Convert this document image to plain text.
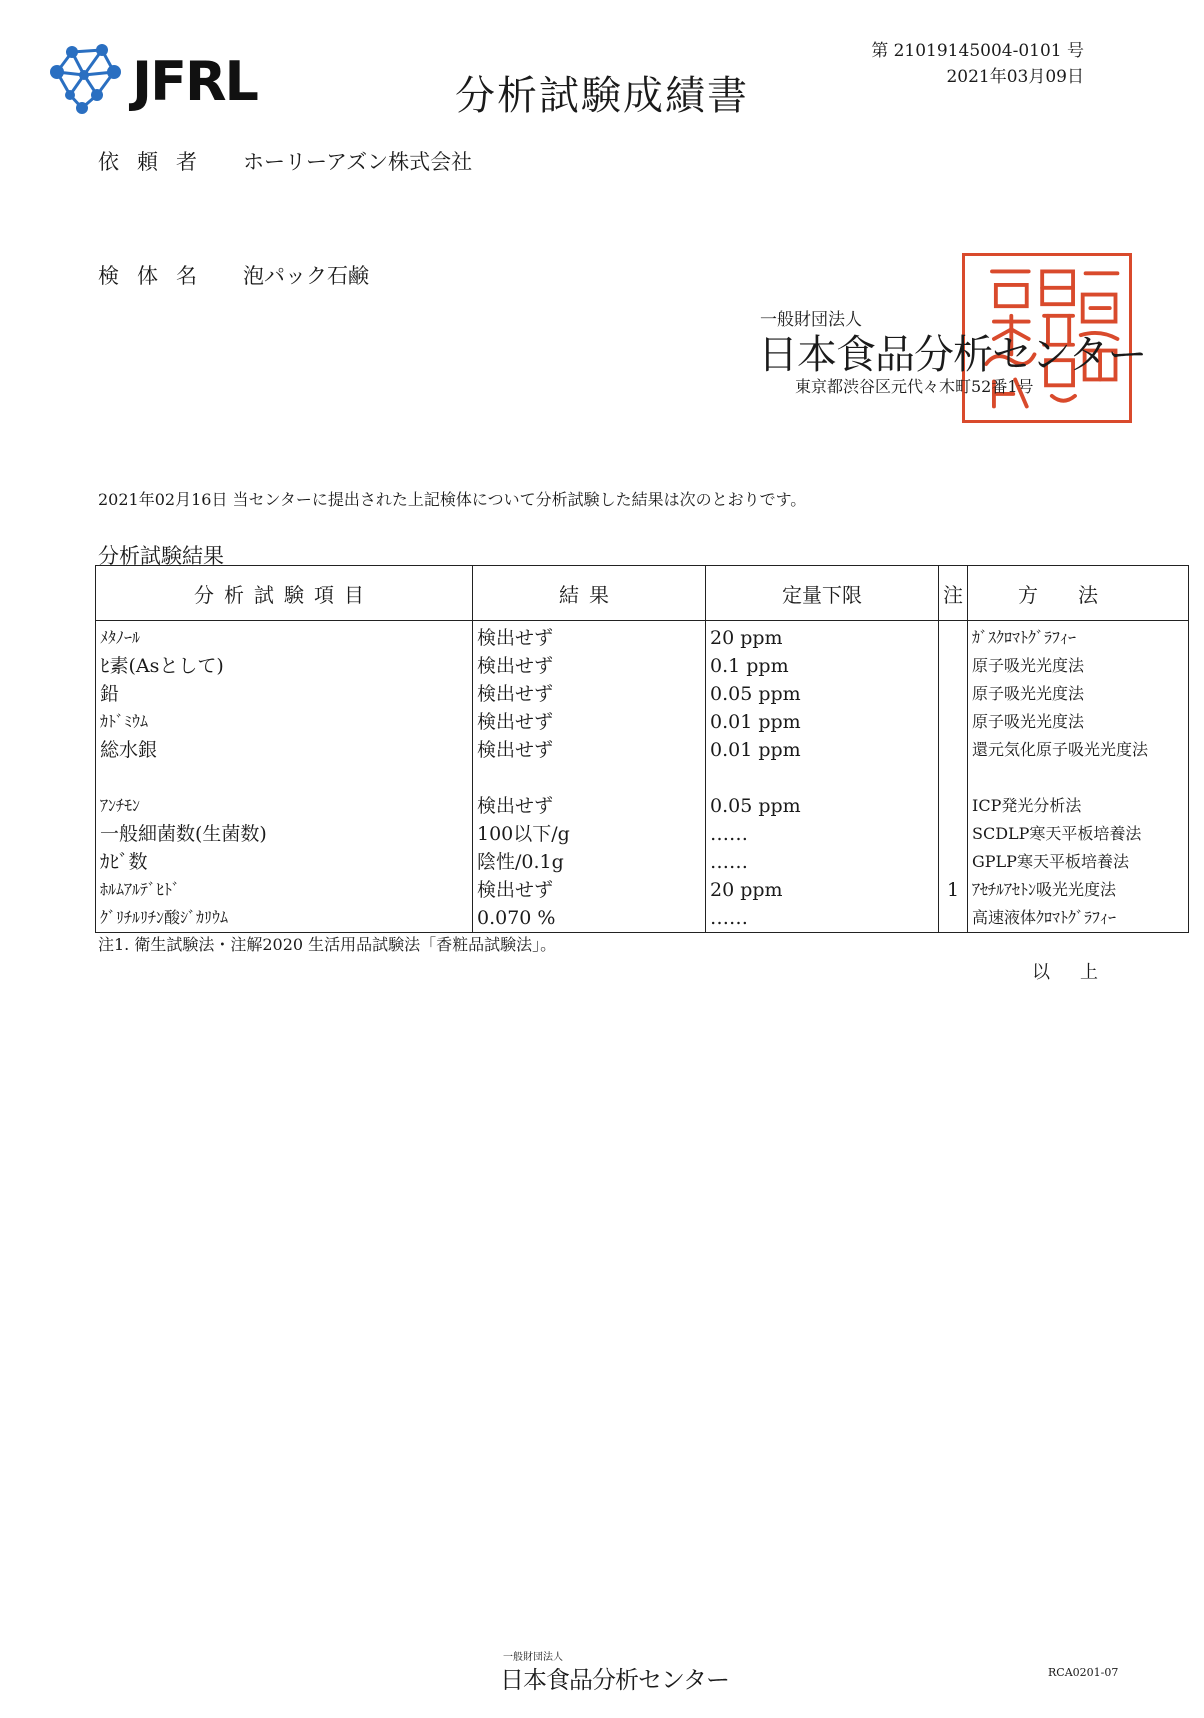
JFRL	分析試験成績書
第 21019145004-0101 号
2021年03月09日
依頼者 ホーリーアズン株式会社
検体名 泡パック石鹸
一般財団法人
日本食品分析センター
東京都渋谷区元代々木町52番1号
2021年02月16日 当センターに提出された上記検体について分析試験した結果は次のとおりです。
分析試験結果
分析試験項目	結果	定量下限	注	方法
ﾒﾀﾉｰﾙ	検出せず	20 ppm		ｶﾞｽｸﾛﾏﾄｸﾞﾗﾌｨｰ
ﾋ素(Asとして)	検出せず	0.1 ppm		原子吸光光度法
鉛	検出せず	0.05 ppm		原子吸光光度法
ｶﾄﾞﾐｳﾑ	検出せず	0.01 ppm		原子吸光光度法
総水銀	検出せず	0.01 ppm		還元気化原子吸光光度法
ｱﾝﾁﾓﾝ	検出せず	0.05 ppm		ICP発光分析法
一般細菌数(生菌数)	100以下/g	……		SCDLP寒天平板培養法
ｶﾋﾞ数	陰性/0.1g	……		GPLP寒天平板培養法
ﾎﾙﾑｱﾙﾃﾞﾋﾄﾞ	検出せず	20 ppm	1	ｱｾﾁﾙｱｾﾄﾝ吸光光度法
ｸﾞﾘﾁﾙﾘﾁﾝ酸ｼﾞｶﾘｳﾑ	0.070 %	……		高速液体ｸﾛﾏﾄｸﾞﾗﾌｨｰ
注1. 衛生試験法・注解2020 生活用品試験法「香粧品試験法」。
以上
一般財団法人
日本食品分析センター	RCA0201-07
